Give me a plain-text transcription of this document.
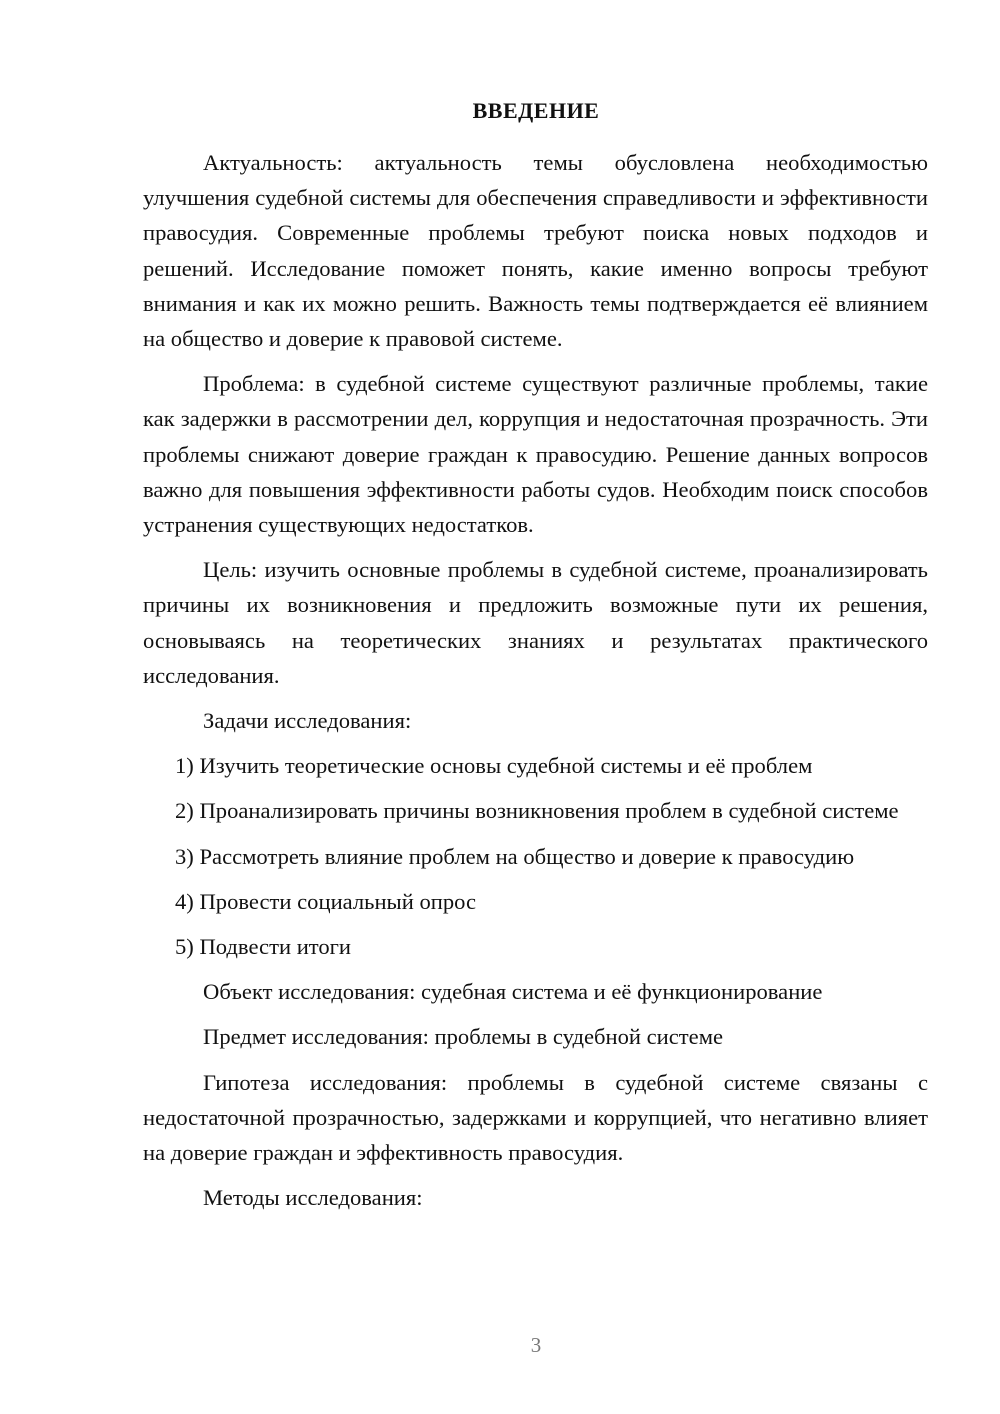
ВВЕДЕНИЕ

Актуальность: актуальность темы обусловлена необходимостью улучшения судебной системы для обеспечения справедливости и эффективности правосудия. Современные проблемы требуют поиска новых подходов и решений. Исследование поможет понять, какие именно вопросы требуют внимания и как их можно решить. Важность темы подтверждается её влиянием на общество и доверие к правовой системе.

Проблема: в судебной системе существуют различные проблемы, такие как задержки в рассмотрении дел, коррупция и недостаточная прозрачность. Эти проблемы снижают доверие граждан к правосудию. Решение данных вопросов важно для повышения эффективности работы судов. Необходим поиск способов устранения существующих недостатков.

Цель: изучить основные проблемы в судебной системе, проанализировать причины их возникновения и предложить возможные пути их решения, основываясь на теоретических знаниях и результатах практического исследования.

Задачи исследования:

1) Изучить теоретические основы судебной системы и её проблем

2) Проанализировать причины возникновения проблем в судебной системе

3) Рассмотреть влияние проблем на общество и доверие к правосудию

4) Провести социальный опрос

5) Подвести итоги

Объект исследования: судебная система и её функционирование

Предмет исследования: проблемы в судебной системе

Гипотеза исследования: проблемы в судебной системе связаны с недостаточной прозрачностью, задержками и коррупцией, что негативно влияет на доверие граждан и эффективность правосудия.

Методы исследования:

3
